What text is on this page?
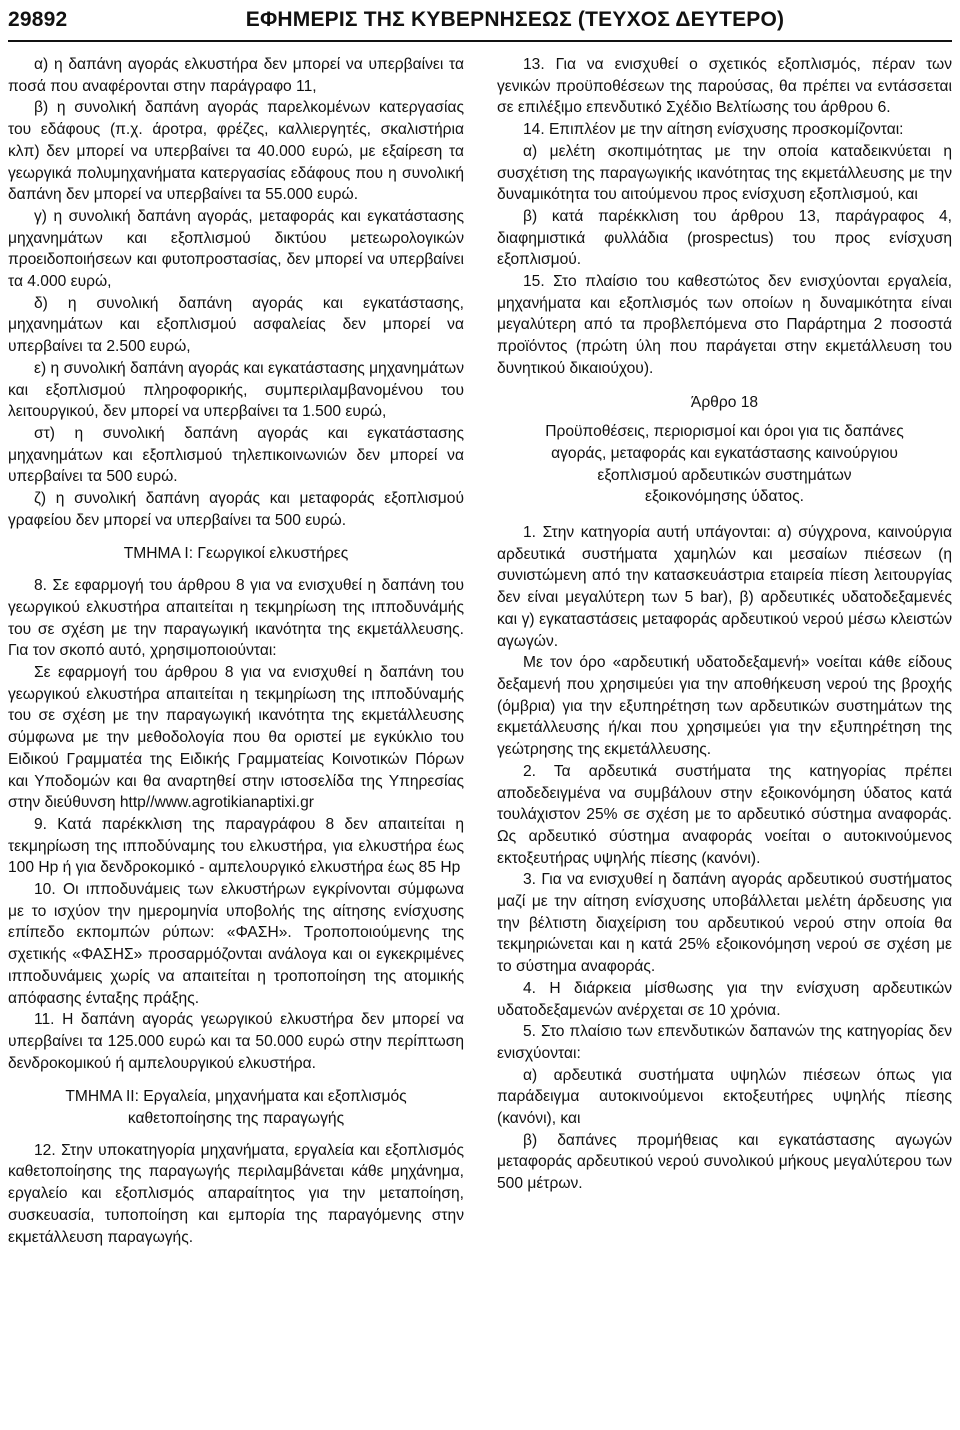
29892	ΕΦΗΜΕΡΙΣ ΤΗΣ ΚΥΒΕΡΝΗΣΕΩΣ (ΤΕΥΧΟΣ ΔΕΥΤΕΡΟ)

α) η δαπάνη αγοράς ελκυστήρα δεν μπορεί να υπερβαίνει τα ποσά που αναφέρονται στην παράγραφο 11,

β) η συνολική δαπάνη αγοράς παρελκομένων κατεργασίας του εδάφους (π.χ. άροτρα, φρέζες, καλλιεργητές, σκαλιστήρια κλπ) δεν μπορεί να υπερβαίνει τα 40.000 ευρώ, με εξαίρεση τα γεωργικά πολυμηχανήματα κατεργασίας εδάφους που η συνολική δαπάνη δεν μπορεί να υπερβαίνει τα 55.000 ευρώ.

γ) η συνολική δαπάνη αγοράς, μεταφοράς και εγκατάστασης μηχανημάτων και εξοπλισμού δικτύου μετεωρολογικών προειδοποιήσεων και φυτοπροστασίας, δεν μπορεί να υπερβαίνει τα 4.000 ευρώ,

δ) η συνολική δαπάνη αγοράς και εγκατάστασης, μηχανημάτων και εξοπλισμού ασφαλείας δεν μπορεί να υπερβαίνει τα 2.500 ευρώ,

ε) η συνολική δαπάνη αγοράς και εγκατάστασης μηχανημάτων και εξοπλισμού πληροφορικής, συμπεριλαμβανομένου του λειτουργικού, δεν μπορεί να υπερβαίνει τα 1.500 ευρώ,

στ) η συνολική δαπάνη αγοράς και εγκατάστασης μηχανημάτων και εξοπλισμού τηλεπικοινωνιών δεν μπορεί να υπερβαίνει τα 500 ευρώ.

ζ) η συνολική δαπάνη αγοράς και μεταφοράς εξοπλισμού γραφείου δεν μπορεί να υπερβαίνει τα 500 ευρώ.

ΤΜΗΜΑ Ι: Γεωργικοί ελκυστήρες

8. Σε εφαρμογή του άρθρου 8 για να ενισχυθεί η δαπάνη του γεωργικού ελκυστήρα απαιτείται η τεκμηρίωση της ιπποδυνάμής του σε σχέση με την παραγωγική ικανότητα της εκμετάλλευσης. Για τον σκοπό αυτό, χρησιμοποιούνται:

Σε εφαρμογή του άρθρου 8 για να ενισχυθεί η δαπάνη του γεωργικού ελκυστήρα απαιτείται η τεκμηρίωση της ιπποδύναμής του σε σχέση με την παραγωγική ικανότητα της εκμετάλλευσης σύμφωνα με την μεθοδολογία που θα οριστεί με εγκύκλιο του Ειδικού Γραμματέα της Ειδικής Γραμματείας Κοινοτικών Πόρων και Υποδομών και θα αναρτηθεί στην ιστοσελίδα της Υπηρεσίας στην διεύθυνση http//www.agrotikianaptixi.gr

9. Κατά παρέκκλιση της παραγράφου 8 δεν απαιτείται η τεκμηρίωση της ιπποδύναμης του ελκυστήρα, για ελκυστήρα έως 100 Hp ή για δενδροκομικό - αμπελουργικό ελκυστήρα έως 85 Hp

10. Οι ιπποδυνάμεις των ελκυστήρων εγκρίνονται σύμφωνα με το ισχύον την ημερομηνία υποβολής της αίτησης ενίσχυσης επίπεδο εκπομπών ρύπων: «ΦΑΣΗ». Τροποποιούμενης της σχετικής «ΦΑΣΗΣ» προσαρμόζονται ανάλογα και οι εγκεκριμένες ιπποδυνάμεις χωρίς να απαιτείται η τροποποίηση της ατομικής απόφασης ένταξης πράξης.

11. Η δαπάνη αγοράς γεωργικού ελκυστήρα δεν μπορεί να υπερβαίνει τα 125.000 ευρώ και τα 50.000 ευρώ στην περίπτωση δενδροκομικού ή αμπελουργικού ελκυστήρα.

ΤΜΗΜΑ ΙΙ: Εργαλεία, μηχανήματα και εξοπλισμός
καθετοποίησης της παραγωγής

12. Στην υποκατηγορία μηχανήματα, εργαλεία και εξοπλισμός καθετοποίησης της παραγωγής περιλαμβάνεται κάθε μηχάνημα, εργαλείο και εξοπλισμός απαραίτητος για την μεταποίηση, συσκευασία, τυποποίηση και εμπορία της παραγόμενης στην εκμετάλλευση παραγωγής.

13. Για να ενισχυθεί ο σχετικός εξοπλισμός, πέραν των γενικών προϋποθέσεων της παρούσας, θα πρέπει να εντάσσεται σε επιλέξιμο επενδυτικό Σχέδιο Βελτίωσης του άρθρου 6.

14. Επιπλέον με την αίτηση ενίσχυσης προσκομίζονται:

α) μελέτη σκοπιμότητας με την οποία καταδεικνύεται η συσχέτιση της παραγωγικής ικανότητας της εκμετάλλευσης με την δυναμικότητα του αιτούμενου προς ενίσχυση εξοπλισμού, και

β) κατά παρέκκλιση του άρθρου 13, παράγραφος 4, διαφημιστικά φυλλάδια (prospectus) του προς ενίσχυση εξοπλισμού.

15. Στο πλαίσιο του καθεστώτος δεν ενισχύονται εργαλεία, μηχανήματα και εξοπλισμός των οποίων η δυναμικότητα είναι μεγαλύτερη από τα προβλεπόμενα στο Παράρτημα 2 ποσοστά προϊόντος (πρώτη ύλη που παράγεται στην εκμετάλλευση του δυνητικού δικαιούχου).

Άρθρο 18
Προϋποθέσεις, περιορισμοί και όροι για τις δαπάνες
αγοράς, μεταφοράς και εγκατάστασης καινούργιου
εξοπλισμού αρδευτικών συστημάτων
εξοικονόμησης ύδατος.

1. Στην κατηγορία αυτή υπάγονται: α) σύγχρονα, καινούργια αρδευτικά συστήματα χαμηλών και μεσαίων πιέσεων (η συνιστώμενη από την κατασκευάστρια εταιρεία πίεση λειτουργίας δεν είναι μεγαλύτερη των 5 bar), β) αρδευτικές υδατοδεξαμενές και γ) εγκαταστάσεις μεταφοράς αρδευτικού νερού μέσω κλειστών αγωγών.

Με τον όρο «αρδευτική υδατοδεξαμενή» νοείται κάθε είδους δεξαμενή που χρησιμεύει για την αποθήκευση νερού της βροχής (όμβρια) για την εξυπηρέτηση των αρδευτικών συστημάτων της εκμετάλλευσης ή/και που χρησιμεύει για την εξυπηρέτηση της γεώτρησης της εκμετάλλευσης.

2. Τα αρδευτικά συστήματα της κατηγορίας πρέπει αποδεδειγμένα να συμβάλουν στην εξοικονόμηση ύδατος κατά τουλάχιστον 25% σε σχέση με το αρδευτικό σύστημα αναφοράς. Ως αρδευτικό σύστημα αναφοράς νοείται ο αυτοκινούμενος εκτοξευτήρας υψηλής πίεσης (κανόνι).

3. Για να ενισχυθεί η δαπάνη αγοράς αρδευτικού συστήματος μαζί με την αίτηση ενίσχυσης υποβάλλεται μελέτη άρδευσης για την βέλτιστη διαχείριση του αρδευτικού νερού στην οποία θα τεκμηριώνεται και η κατά 25% εξοικονόμηση νερού σε σχέση με το σύστημα αναφοράς.

4. Η διάρκεια μίσθωσης για την ενίσχυση αρδευτικών υδατοδεξαμενών ανέρχεται σε 10 χρόνια.

5. Στο πλαίσιο των επενδυτικών δαπανών της κατηγορίας δεν ενισχύονται:

α) αρδευτικά συστήματα υψηλών πιέσεων όπως για παράδειγμα αυτοκινούμενοι εκτοξευτήρες υψηλής πίεσης (κανόνι), και

β) δαπάνες προμήθειας και εγκατάστασης αγωγών μεταφοράς αρδευτικού νερού συνολικού μήκους μεγαλύτερου των 500 μέτρων.
